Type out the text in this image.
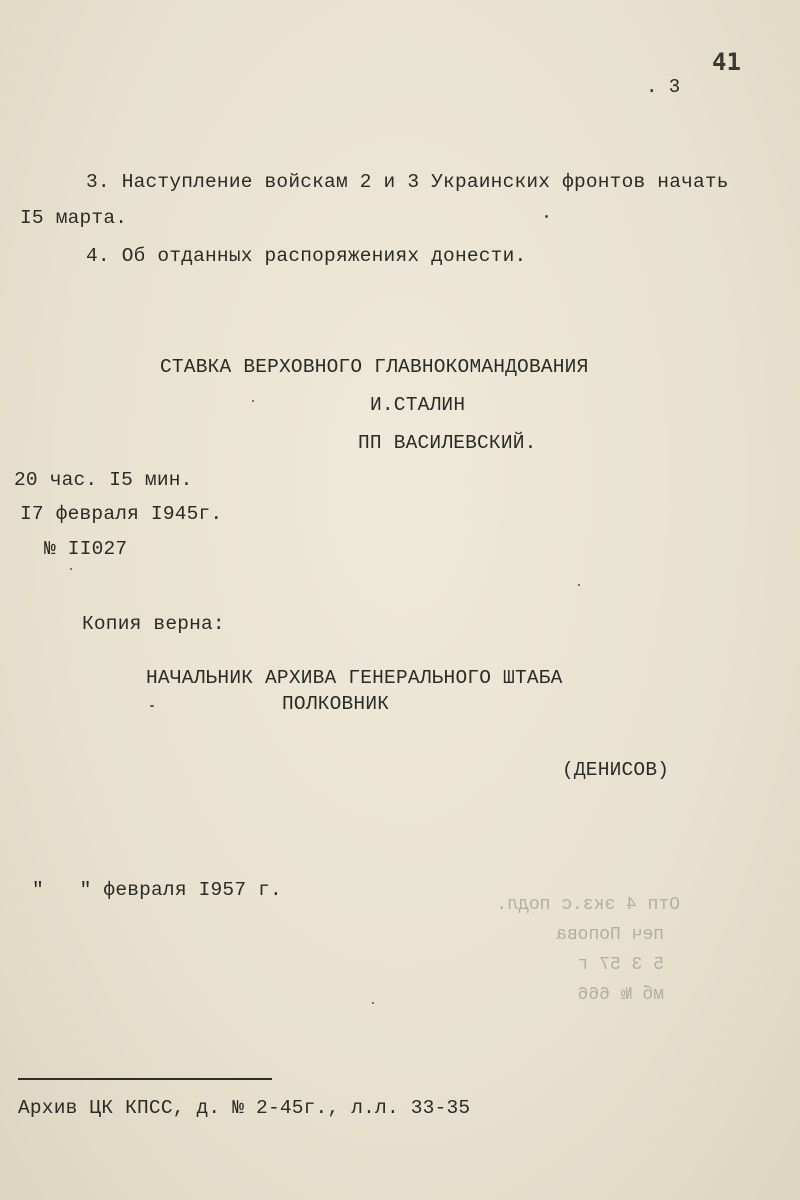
41
. 3
3. Наступление войскам 2 и 3 Украинских фронтов начать
I5 марта.
4. Об отданных распоряжениях донести.
СТАВКА ВЕРХОВНОГО ГЛАВНОКОМАНДОВАНИЯ
И.СТАЛИН
ПП ВАСИЛЕВСКИЙ.
20 час. I5 мин.
I7 февраля I945г.
№ II027
Копия верна:
НАЧАЛЬНИК АРХИВА ГЕНЕРАЛЬНОГО ШТАБА
ПОЛКОВНИК
(ДЕНИСОВ)
"   " февраля I957 г.
Отп 4 экз.с подл.
печ Попова
5 3 57 г
мб № 666
Архив ЦК КПСС, д. № 2-45г., л.л. 33-35
